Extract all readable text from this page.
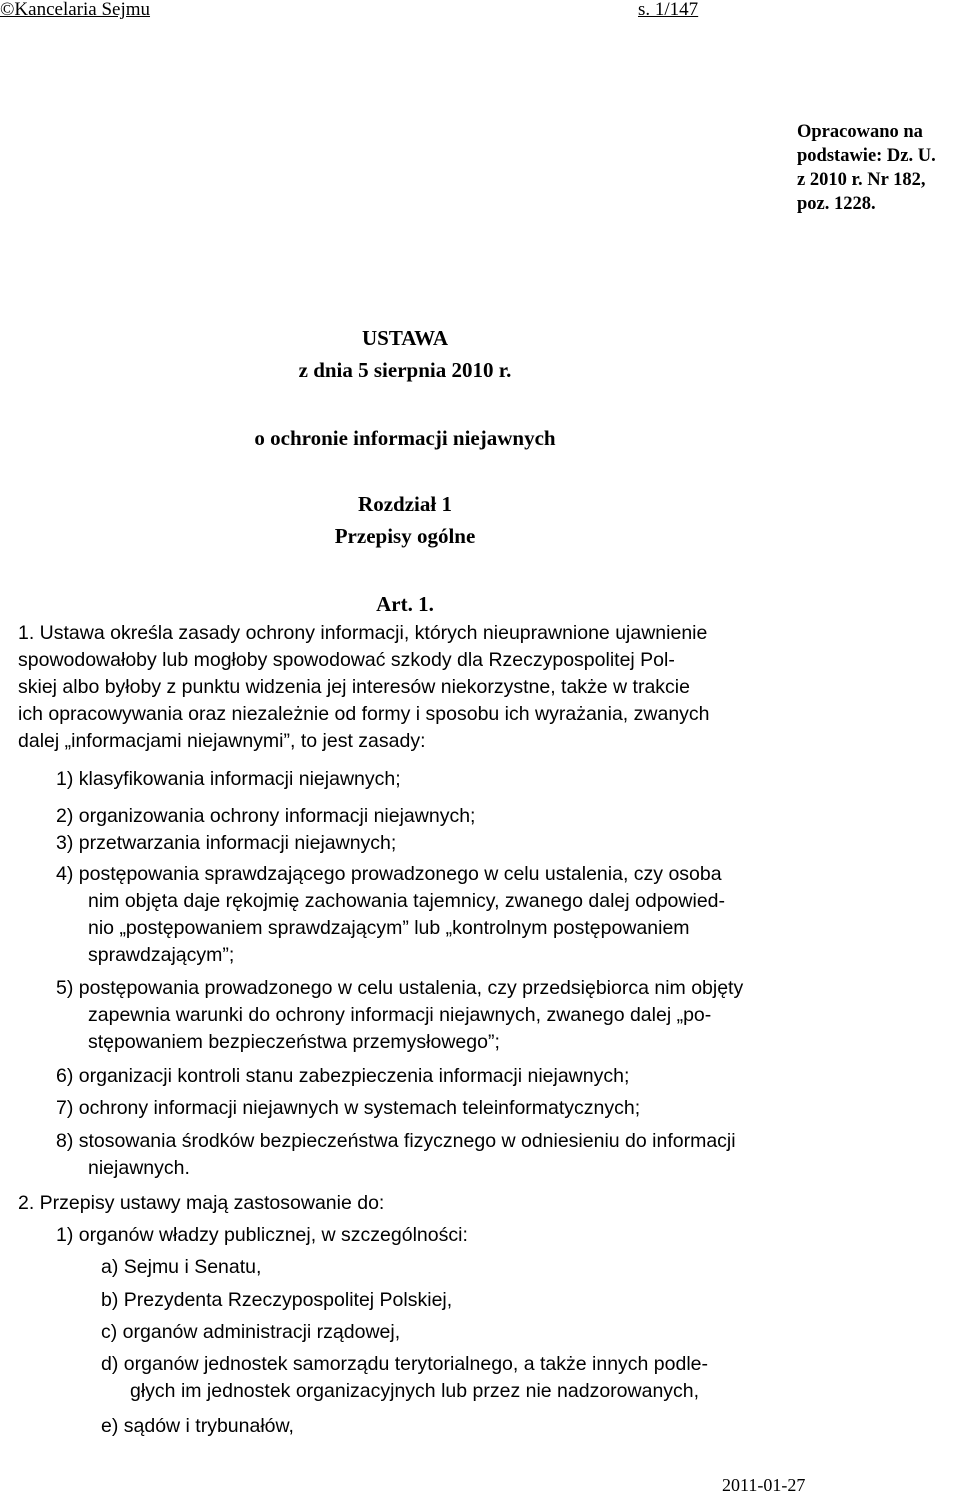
©Kancelaria Sejmu	s. 1/147
Opracowano na podstawie: Dz. U. z 2010 r. Nr 182, poz. 1228.
USTAWA
z dnia 5 sierpnia 2010 r.
o ochronie informacji niejawnych
Rozdział 1
Przepisy ogólne
Art. 1.
1. Ustawa określa zasady ochrony informacji, których nieuprawnione ujawnienie
spowodowałoby lub mogłoby spowodować szkody dla Rzeczypospolitej Pol-
skiej albo byłoby z punktu widzenia jej interesów niekorzystne, także w trakcie
ich opracowywania oraz niezależnie od formy i sposobu ich wyrażania, zwanych
dalej „informacjami niejawnymi”, to jest zasady:
1) klasyfikowania informacji niejawnych;
2) organizowania ochrony informacji niejawnych;
3) przetwarzania informacji niejawnych;
4) postępowania sprawdzającego prowadzonego w celu ustalenia, czy osoba
nim objęta daje rękojmię zachowania tajemnicy, zwanego dalej odpowied-
nio „postępowaniem sprawdzającym” lub „kontrolnym postępowaniem
sprawdzającym”;
5) postępowania prowadzonego w celu ustalenia, czy przedsiębiorca nim objęty
zapewnia warunki do ochrony informacji niejawnych, zwanego dalej „po-
stępowaniem bezpieczeństwa przemysłowego”;
6) organizacji kontroli stanu zabezpieczenia informacji niejawnych;
7) ochrony informacji niejawnych w systemach teleinformatycznych;
8) stosowania środków bezpieczeństwa fizycznego w odniesieniu do informacji
niejawnych.
2. Przepisy ustawy mają zastosowanie do:
1) organów władzy publicznej, w szczególności:
a) Sejmu i Senatu,
b) Prezydenta Rzeczypospolitej Polskiej,
c) organów administracji rządowej,
d) organów jednostek samorządu terytorialnego, a także innych podle-
głych im jednostek organizacyjnych lub przez nie nadzorowanych,
e) sądów i trybunałów,
2011-01-27
